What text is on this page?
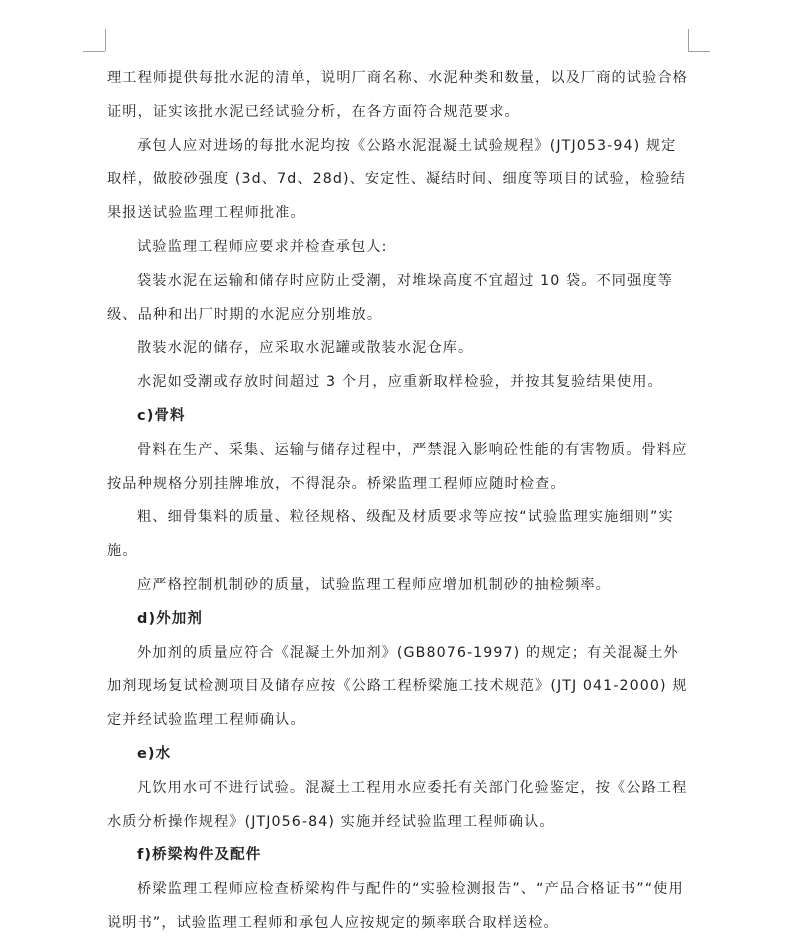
理工程师提供每批水泥的清单，说明厂商名称、水泥种类和数量，以及厂商的试验合格证明，证实该批水泥已经试验分析，在各方面符合规范要求。

承包人应对进场的每批水泥均按《公路水泥混凝土试验规程》(JTJ053-94) 规定取样，做胶砂强度 (3d、7d、28d)、安定性、凝结时间、细度等项目的试验，检验结果报送试验监理工程师批准。

试验监理工程师应要求并检查承包人:

袋装水泥在运输和储存时应防止受潮，对堆垛高度不宜超过 10 袋。不同强度等级、品种和出厂时期的水泥应分别堆放。

散装水泥的储存，应采取水泥罐或散装水泥仓库。

水泥如受潮或存放时间超过 3 个月，应重新取样检验，并按其复验结果使用。

c)骨料

骨料在生产、采集、运输与储存过程中，严禁混入影响砼性能的有害物质。骨料应按品种规格分别挂牌堆放，不得混杂。桥梁监理工程师应随时检查。

粗、细骨集料的质量、粒径规格、级配及材质要求等应按“试验监理实施细则”实施。

应严格控制机制砂的质量，试验监理工程师应增加机制砂的抽检频率。

d)外加剂

外加剂的质量应符合《混凝土外加剂》(GB8076-1997) 的规定；有关混凝土外加剂现场复试检测项目及储存应按《公路工程桥梁施工技术规范》(JTJ 041-2000) 规定并经试验监理工程师确认。

e)水

凡饮用水可不进行试验。混凝土工程用水应委托有关部门化验鉴定，按《公路工程水质分析操作规程》(JTJ056-84) 实施并经试验监理工程师确认。

f)桥梁构件及配件

桥梁监理工程师应检查桥梁构件与配件的“实验检测报告”、“产品合格证书”“使用说明书”，试验监理工程师和承包人应按规定的频率联合取样送检。
